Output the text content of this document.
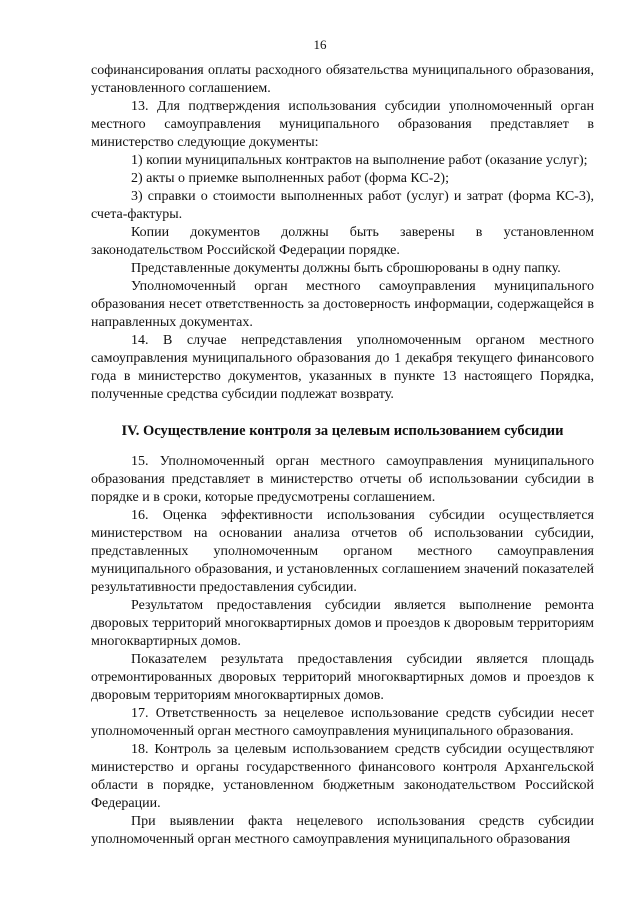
16

софинансирования оплаты расходного обязательства муниципального образования, установленного соглашением.

13. Для подтверждения использования субсидии уполномоченный орган местного самоуправления муниципального образования представляет в министерство следующие документы:

1) копии муниципальных контрактов на выполнение работ (оказание услуг);

2) акты о приемке выполненных работ (форма КС-2);

3) справки о стоимости выполненных работ (услуг) и затрат (форма КС-3), счета-фактуры.

Копии документов должны быть заверены в установленном законодательством Российской Федерации порядке.

Представленные документы должны быть сброшюрованы в одну папку.

Уполномоченный орган местного самоуправления муниципального образования несет ответственность за достоверность информации, содержащейся в направленных документах.

14. В случае непредставления уполномоченным органом местного самоуправления муниципального образования до 1 декабря текущего финансового года в министерство документов, указанных в пункте 13 настоящего Порядка, полученные средства субсидии подлежат возврату.

IV. Осуществление контроля за целевым использованием субсидии

15. Уполномоченный орган местного самоуправления муниципального образования представляет в министерство отчеты об использовании субсидии в порядке и в сроки, которые предусмотрены соглашением.

16. Оценка эффективности использования субсидии осуществляется министерством на основании анализа отчетов об использовании субсидии, представленных уполномоченным органом местного самоуправления муниципального образования, и установленных соглашением значений показателей результативности предоставления субсидии.

Результатом предоставления субсидии является выполнение ремонта дворовых территорий многоквартирных домов и проездов к дворовым территориям многоквартирных домов.

Показателем результата предоставления субсидии является площадь отремонтированных дворовых территорий многоквартирных домов и проездов к дворовым территориям многоквартирных домов.

17. Ответственность за нецелевое использование средств субсидии несет уполномоченный орган местного самоуправления муниципального образования.

18. Контроль за целевым использованием средств субсидии осуществляют министерство и органы государственного финансового контроля Архангельской области в порядке, установленном бюджетным законодательством Российской Федерации.

При выявлении факта нецелевого использования средств субсидии уполномоченный орган местного самоуправления муниципального образования
